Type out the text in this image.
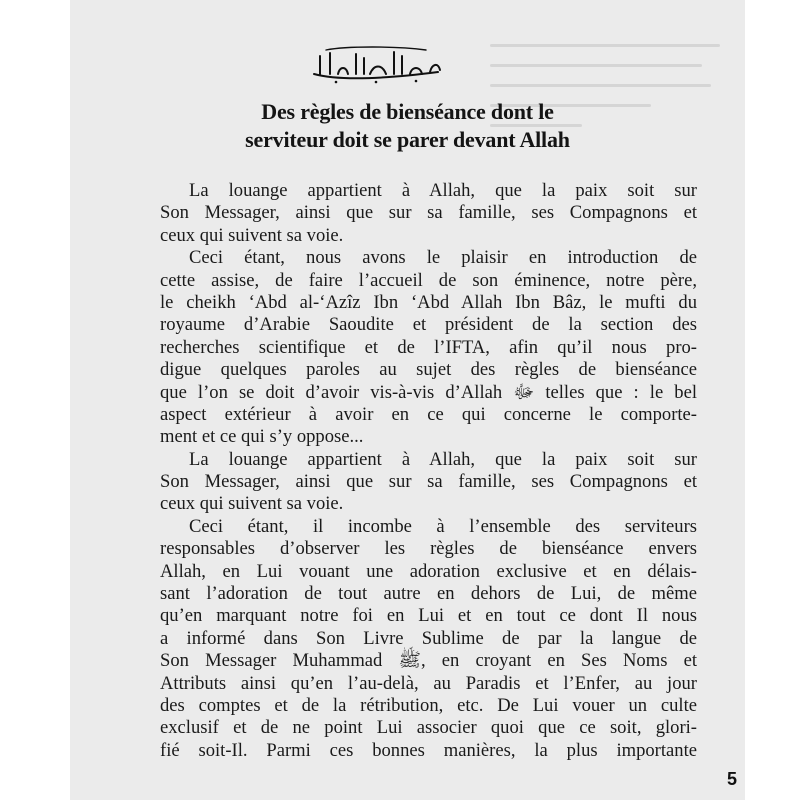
Des règles de bienséance dont le
serviteur doit se parer devant Allah

La louange appartient à Allah, que la paix soit sur
Son Messager, ainsi que sur sa famille, ses Compagnons et
ceux qui suivent sa voie.

Ceci étant, nous avons le plaisir en introduction de
cette assise, de faire l’accueil de son éminence, notre père,
le cheikh ‘Abd al-‘Azîz Ibn ‘Abd Allah Ibn Bâz, le mufti du
royaume d’Arabie Saoudite et président de la section des
recherches scientifique et de l’IFTA, afin qu’il nous pro-
digue quelques paroles au sujet des règles de bienséance
que l’on se doit d’avoir vis-à-vis d’Allah ﷻ telles que : le bel
aspect extérieur à avoir en ce qui concerne le comporte-
ment et ce qui s’y oppose...

La louange appartient à Allah, que la paix soit sur
Son Messager, ainsi que sur sa famille, ses Compagnons et
ceux qui suivent sa voie.

Ceci étant, il incombe à l’ensemble des serviteurs
responsables d’observer les règles de bienséance envers
Allah, en Lui vouant une adoration exclusive et en délais-
sant l’adoration de tout autre en dehors de Lui, de même
qu’en marquant notre foi en Lui et en tout ce dont Il nous
a informé dans Son Livre Sublime de par la langue de
Son Messager Muhammad ﷺ, en croyant en Ses Noms et
Attributs ainsi qu’en l’au-delà, au Paradis et l’Enfer, au jour
des comptes et de la rétribution, etc. De Lui vouer un culte
exclusif et de ne point Lui associer quoi que ce soit, glori-
fié soit-Il. Parmi ces bonnes manières, la plus importante

5
